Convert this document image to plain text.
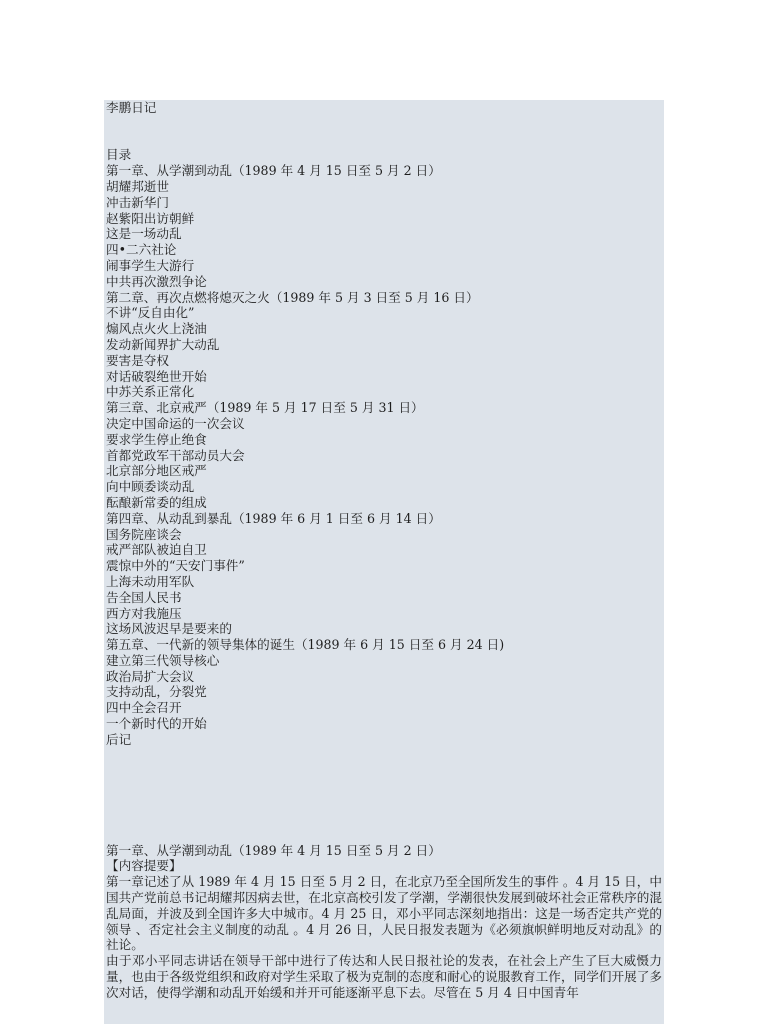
李鹏日记
目录
第一章、从学潮到动乱（1989 年 4 月 15 日至 5 月 2 日）
胡耀邦逝世
冲击新华门
赵紫阳出访朝鲜
这是一场动乱
四•二六社论
闹事学生大游行
中共再次激烈争论
第二章、再次点燃将熄灭之火（1989 年 5 月 3 日至 5 月 16 日）
不讲“反自由化”
煽风点火火上浇油
发动新闻界扩大动乱
要害是夺权
对话破裂绝世开始
中苏关系正常化
第三章、北京戒严（1989 年 5 月 17 日至 5 月 31 日）
决定中国命运的一次会议
要求学生停止绝食
首都党政军干部动员大会
北京部分地区戒严
向中顾委谈动乱
酝酿新常委的组成
第四章、从动乱到暴乱（1989 年 6 月 1 日至 6 月 14 日）
国务院座谈会
戒严部队被迫自卫
震惊中外的“天安门事件”
上海未动用军队
告全国人民书
西方对我施压
这场风波迟早是要来的
第五章、一代新的领导集体的诞生（1989 年 6 月 15 日至 6 月 24 日)
建立第三代领导核心
政治局扩大会议
支持动乱，分裂党
四中全会召开
一个新时代的开始
后记
第一章、从学潮到动乱（1989 年 4 月 15 日至 5 月 2 日）
【内容提要】
第一章记述了从 1989 年 4 月 15 日至 5 月 2 日，在北京乃至全国所发生的事件 。4 月 15 日，中国共产党前总书记胡耀邦因病去世，在北京高校引发了学潮，学潮很快发展到破坏社会正常秩序的混乱局面，并波及到全国许多大中城市。4 月 25 日，邓小平同志深刻地指出：这是一场否定共产党的领导 、否定社会主义制度的动乱 。4 月 26 日，人民日报发表题为《必须旗帜鲜明地反对动乱》的社论。
由于邓小平同志讲话在领导干部中进行了传达和人民日报社论的发表，在社会上产生了巨大威慑力量，也由于各级党组织和政府对学生采取了极为克制的态度和耐心的说服教育工作，同学们开展了多次对话，使得学潮和动乱开始缓和并开可能逐渐平息下去。尽管在 5 月 4 日中国青年
